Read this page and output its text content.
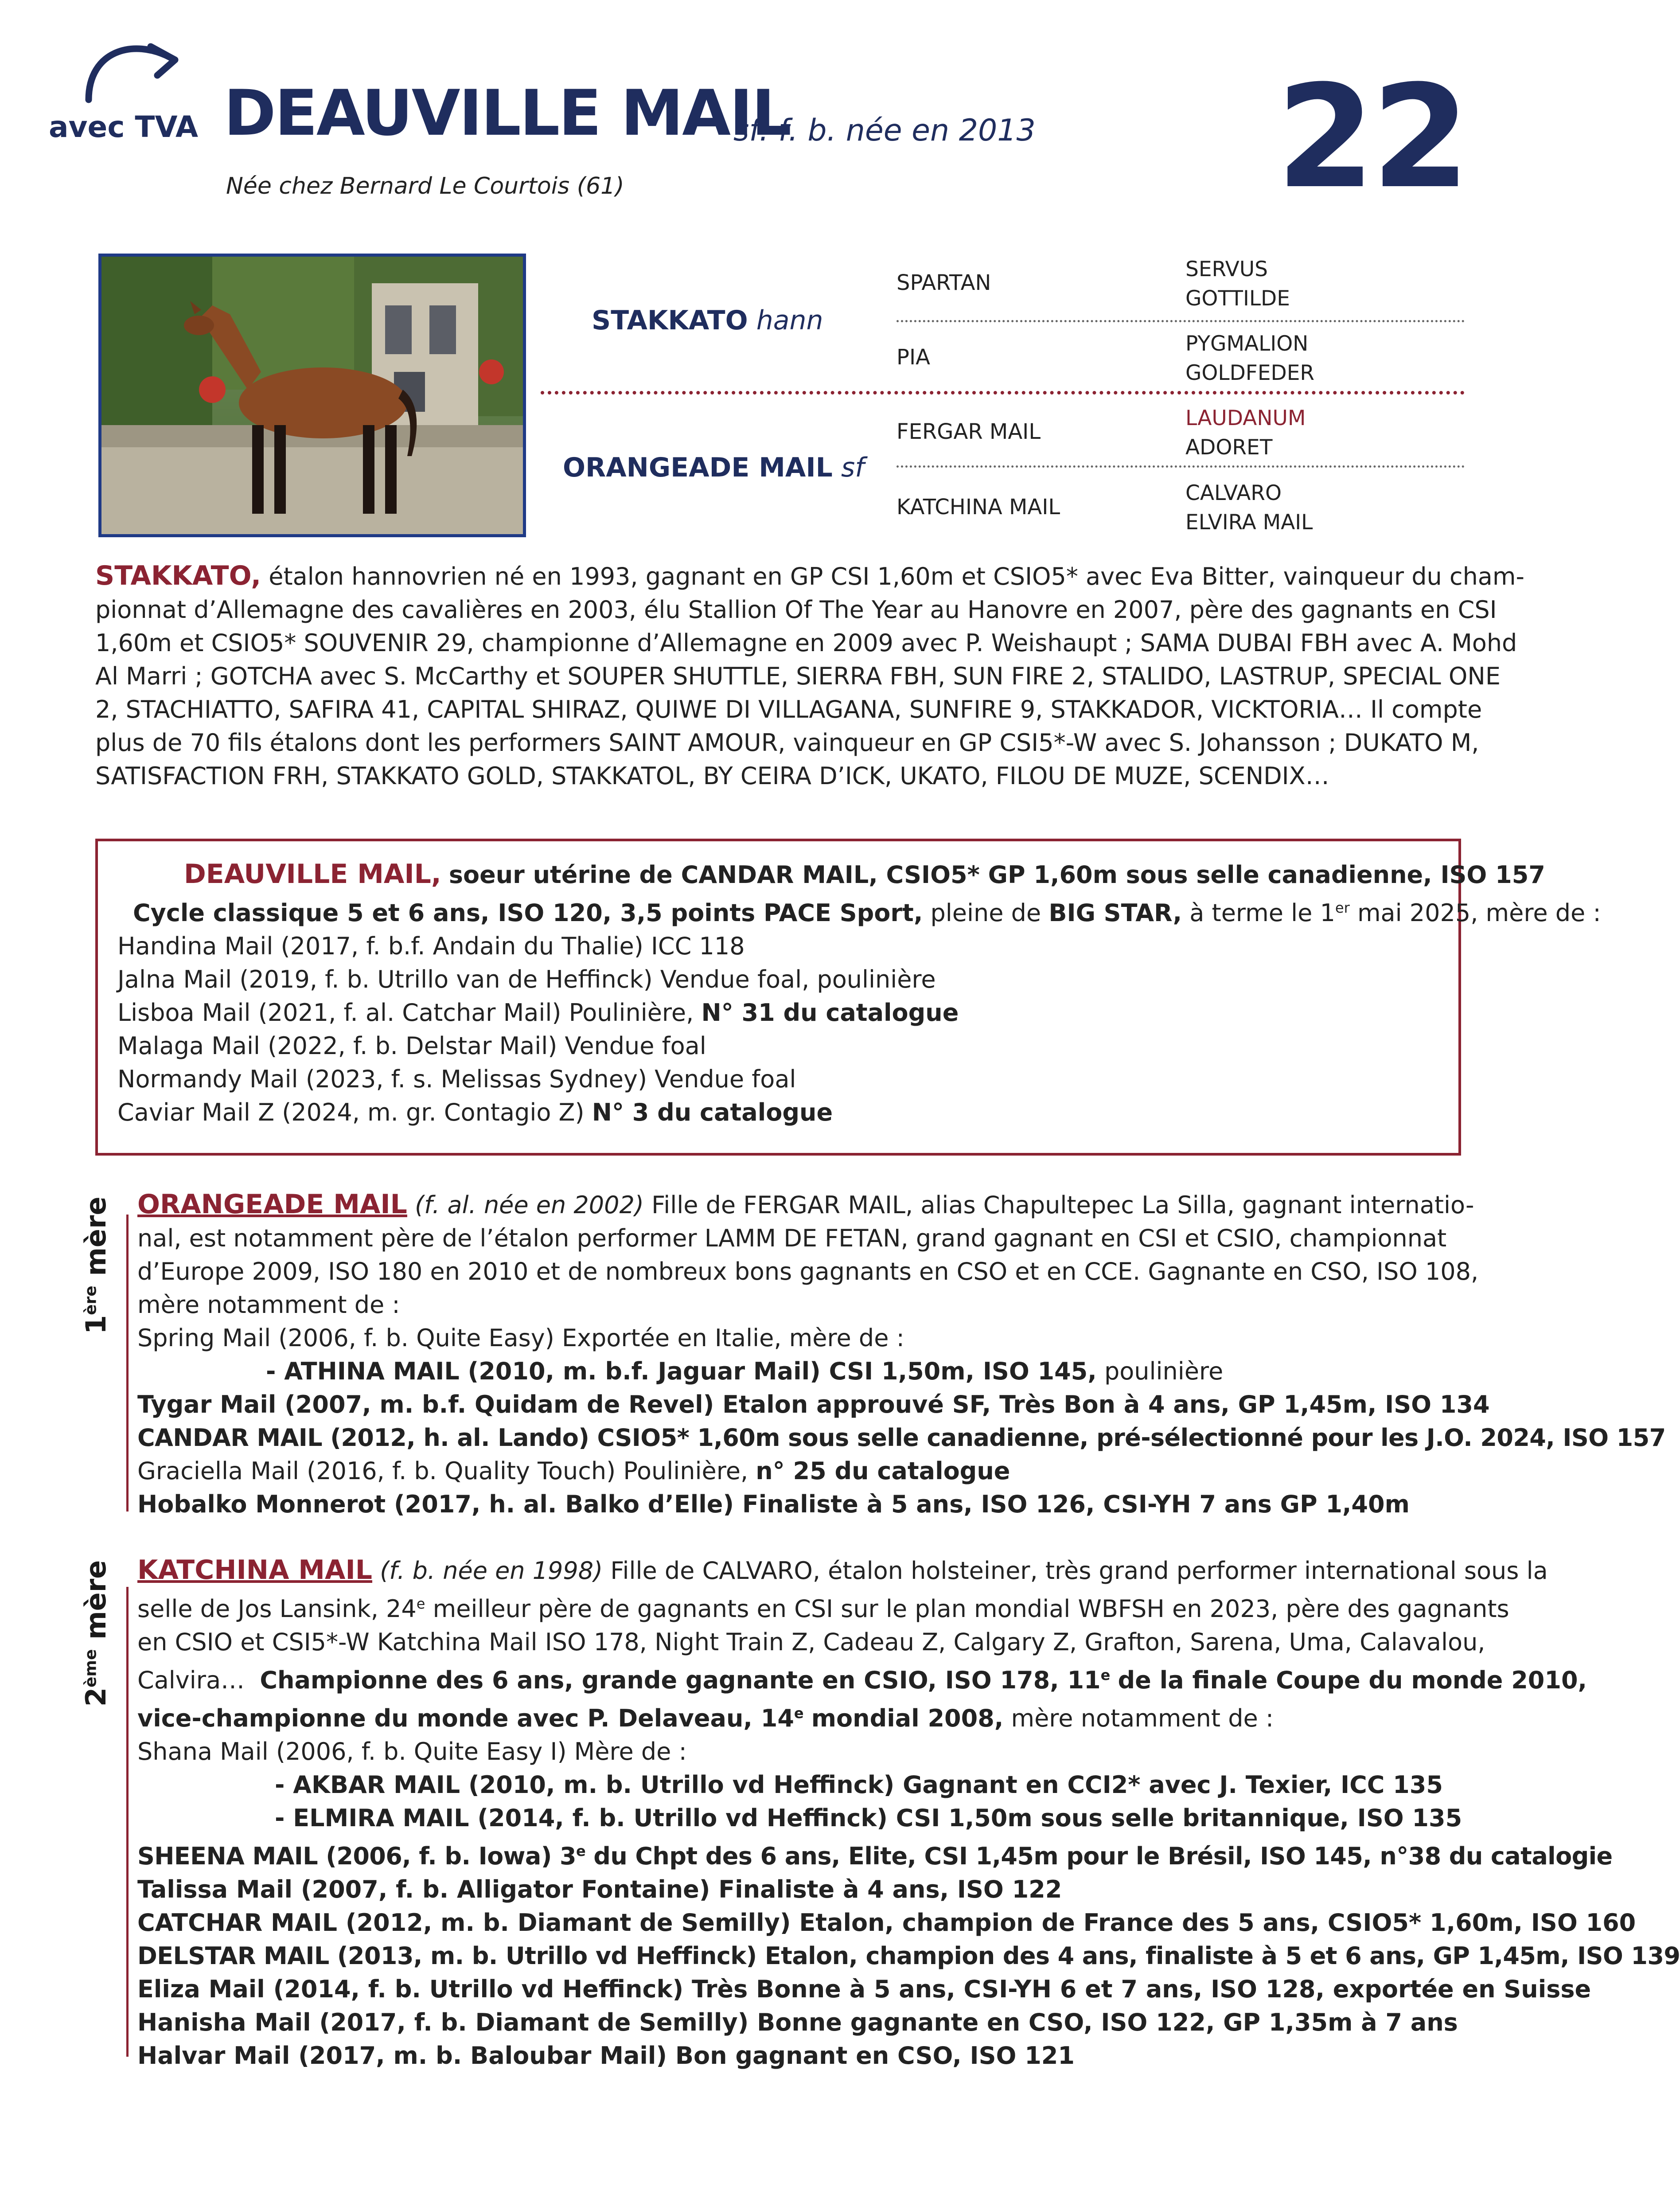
avec TVA DEAUVILLE MAIL
sf. f. b. née en 2013
Née chez Bernard Le Courtois (61)	22
STAKKATO hann
ORANGEADE MAIL sf
SPARTAN
PIA
FERGAR MAIL
KATCHINA MAIL
SERVUS
GOTTILDE
PYGMALION
GOLDFEDER
LAUDANUM
ADORET
CALVARO
ELVIRA MAIL
STAKKATO, étalon hannovrien né en 1993, gagnant en GP CSI 1,60m et CSIO5* avec Eva Bitter, vainqueur du cham-
pionnat d’Allemagne des cavalières en 2003, élu Stallion Of The Year au Hanovre en 2007, père des gagnants en CSI
1,60m et CSIO5* SOUVENIR 29, championne d’Allemagne en 2009 avec P. Weishaupt ; SAMA DUBAI FBH avec A. Mohd
Al Marri ; GOTCHA avec S. McCarthy et SOUPER SHUTTLE, SIERRA FBH, SUN FIRE 2, STALIDO, LASTRUP, SPECIAL ONE
2, STACHIATTO, SAFIRA 41, CAPITAL SHIRAZ, QUIWE DI VILLAGANA, SUNFIRE 9, STAKKADOR, VICKTORIA… Il compte
plus de 70 fils étalons dont les performers SAINT AMOUR, vainqueur en GP CSI5*-W avec S. Johansson ; DUKATO M,
SATISFACTION FRH, STAKKATO GOLD, STAKKATOL, BY CEIRA D’ICK, UKATO, FILOU DE MUZE, SCENDIX…
DEAUVILLE MAIL, soeur utérine de CANDAR MAIL, CSIO5* GP 1,60m sous selle canadienne, ISO 157
Cycle classique 5 et 6 ans, ISO 120, 3,5 points PACE Sport, pleine de BIG STAR, à terme le 1er mai 2025, mère de :
Handina Mail (2017, f. b.f. Andain du Thalie) ICC 118
Jalna Mail (2019, f. b. Utrillo van de Heffinck) Vendue foal, poulinière
Lisboa Mail (2021, f. al. Catchar Mail) Poulinière, N° 31 du catalogue
Malaga Mail (2022, f. b. Delstar Mail) Vendue foal
Normandy Mail (2023, f. s. Melissas Sydney) Vendue foal
Caviar Mail Z (2024, m. gr. Contagio Z) N° 3 du catalogue
1ère mère ORANGEADE MAIL (f. al. née en 2002) Fille de FERGAR MAIL, alias Chapultepec La Silla, gagnant internatio-
nal, est notamment père de l’étalon performer LAMM DE FETAN, grand gagnant en CSI et CSIO, championnat
d’Europe 2009, ISO 180 en 2010 et de nombreux bons gagnants en CSO et en CCE. Gagnante en CSO, ISO 108,
mère notamment de :
Spring Mail (2006, f. b. Quite Easy) Exportée en Italie, mère de :
- ATHINA MAIL (2010, m. b.f. Jaguar Mail) CSI 1,50m, ISO 145, poulinière
Tygar Mail (2007, m. b.f. Quidam de Revel) Etalon approuvé SF, Très Bon à 4 ans, GP 1,45m, ISO 134
CANDAR MAIL (2012, h. al. Lando) CSIO5* 1,60m sous selle canadienne, pré-sélectionné pour les J.O. 2024, ISO 157
Graciella Mail (2016, f. b. Quality Touch) Poulinière, n° 25 du catalogue
Hobalko Monnerot (2017, h. al. Balko d’Elle) Finaliste à 5 ans, ISO 126, CSI-YH 7 ans GP 1,40m
2ème mère KATCHINA MAIL (f. b. née en 1998) Fille de CALVARO, étalon holsteiner, très grand performer international sous la
selle de Jos Lansink, 24e meilleur père de gagnants en CSI sur le plan mondial WBFSH en 2023, père des gagnants
en CSIO et CSI5*-W Katchina Mail ISO 178, Night Train Z, Cadeau Z, Calgary Z, Grafton, Sarena, Uma, Calavalou,
Calvira… Championne des 6 ans, grande gagnante en CSIO, ISO 178, 11e de la finale Coupe du monde 2010,
vice-championne du monde avec P. Delaveau, 14e mondial 2008, mère notamment de :
Shana Mail (2006, f. b. Quite Easy I) Mère de :
- AKBAR MAIL (2010, m. b. Utrillo vd Heffinck) Gagnant en CCI2* avec J. Texier, ICC 135
- ELMIRA MAIL (2014, f. b. Utrillo vd Heffinck) CSI 1,50m sous selle britannique, ISO 135
SHEENA MAIL (2006, f. b. Iowa) 3e du Chpt des 6 ans, Elite, CSI 1,45m pour le Brésil, ISO 145, n°38 du catalogie
Talissa Mail (2007, f. b. Alligator Fontaine) Finaliste à 4 ans, ISO 122
CATCHAR MAIL (2012, m. b. Diamant de Semilly) Etalon, champion de France des 5 ans, CSIO5* 1,60m, ISO 160
DELSTAR MAIL (2013, m. b. Utrillo vd Heffinck) Etalon, champion des 4 ans, finaliste à 5 et 6 ans, GP 1,45m, ISO 139
Eliza Mail (2014, f. b. Utrillo vd Heffinck) Très Bonne à 5 ans, CSI-YH 6 et 7 ans, ISO 128, exportée en Suisse
Hanisha Mail (2017, f. b. Diamant de Semilly) Bonne gagnante en CSO, ISO 122, GP 1,35m à 7 ans
Halvar Mail (2017, m. b. Baloubar Mail) Bon gagnant en CSO, ISO 121
